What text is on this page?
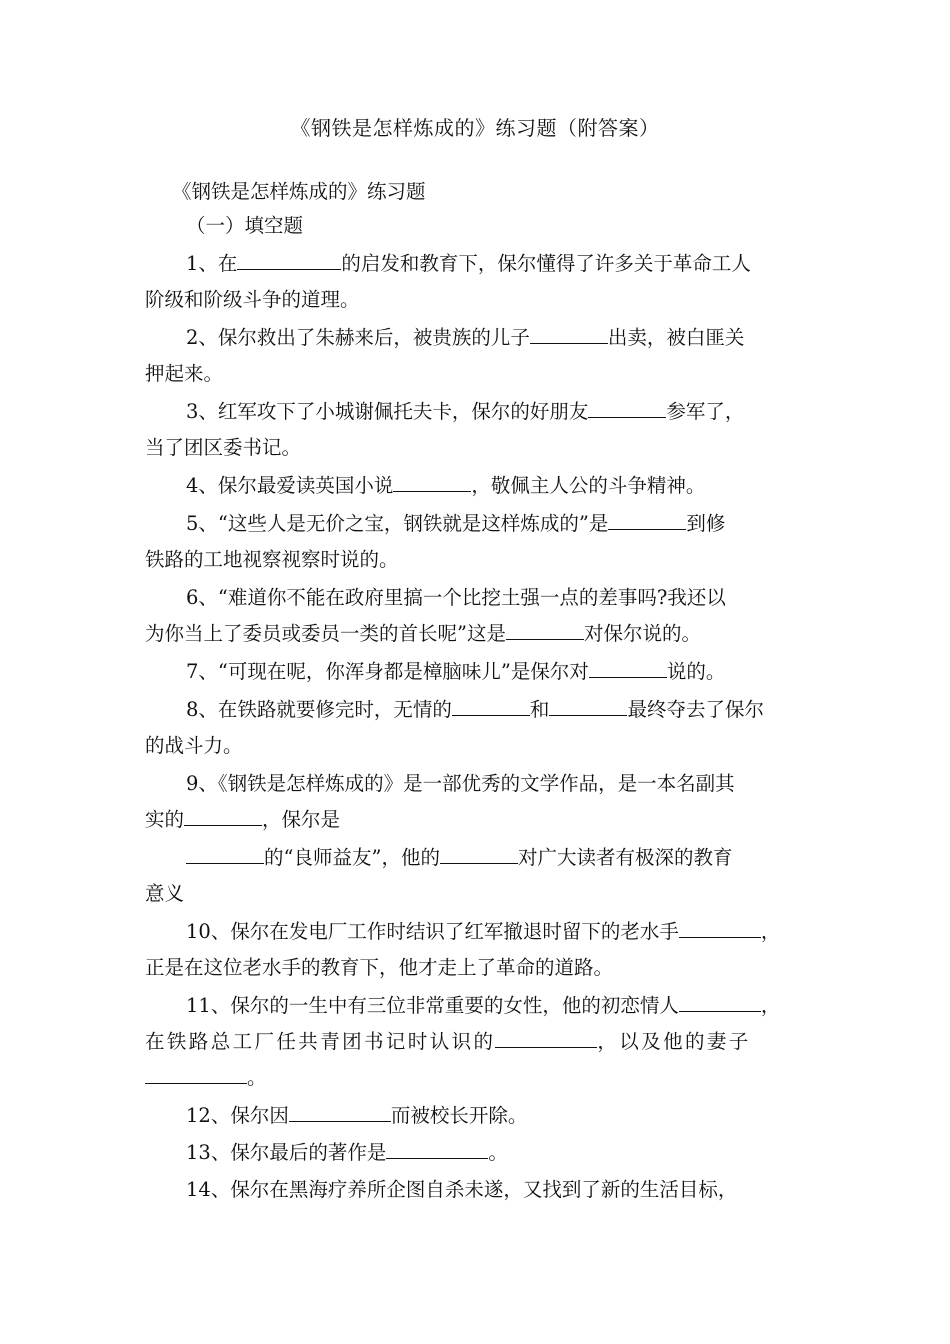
《钢铁是怎样炼成的》练习题（附答案）
《钢铁是怎样炼成的》练习题
（一）填空题
1、在	的启发和教育下，保尔懂得了许多关于革命工人
阶级和阶级斗争的道理。
2、保尔救出了朱赫来后，被贵族的儿子	出卖，被白匪关
押起来。
3、红军攻下了小城谢佩托夫卡，保尔的好朋友	参军了，
当了团区委书记。
4、保尔最爱读英国小说	，敬佩主人公的斗争精神。
5、“这些人是无价之宝，钢铁就是这样炼成的”是	到修
铁路的工地视察视察时说的。
6、“难道你不能在政府里搞一个比挖土强一点的差事吗?我还以
为你当上了委员或委员一类的首长呢”这是	对保尔说的。
7、“可现在呢，你浑身都是樟脑味儿”是保尔对	说的。
8、在铁路就要修完时，无情的	和	最终夺去了保尔
的战斗力。
9、《钢铁是怎样炼成的》是一部优秀的文学作品，是一本名副其
实的	，保尔是
的“良师益友”，他的	对广大读者有极深的教育
意义
10、保尔在发电厂工作时结识了红军撤退时留下的老水手	，
正是在这位老水手的教育下，他才走上了革命的道路。
11、保尔的一生中有三位非常重要的女性，他的初恋情人	，
在铁路总工厂任共青团书记时认识的	，以及他的妻子
。
12、保尔因	而被校长开除。
13、保尔最后的著作是	。
14、保尔在黑海疗养所企图自杀未遂，又找到了新的生活目标，
